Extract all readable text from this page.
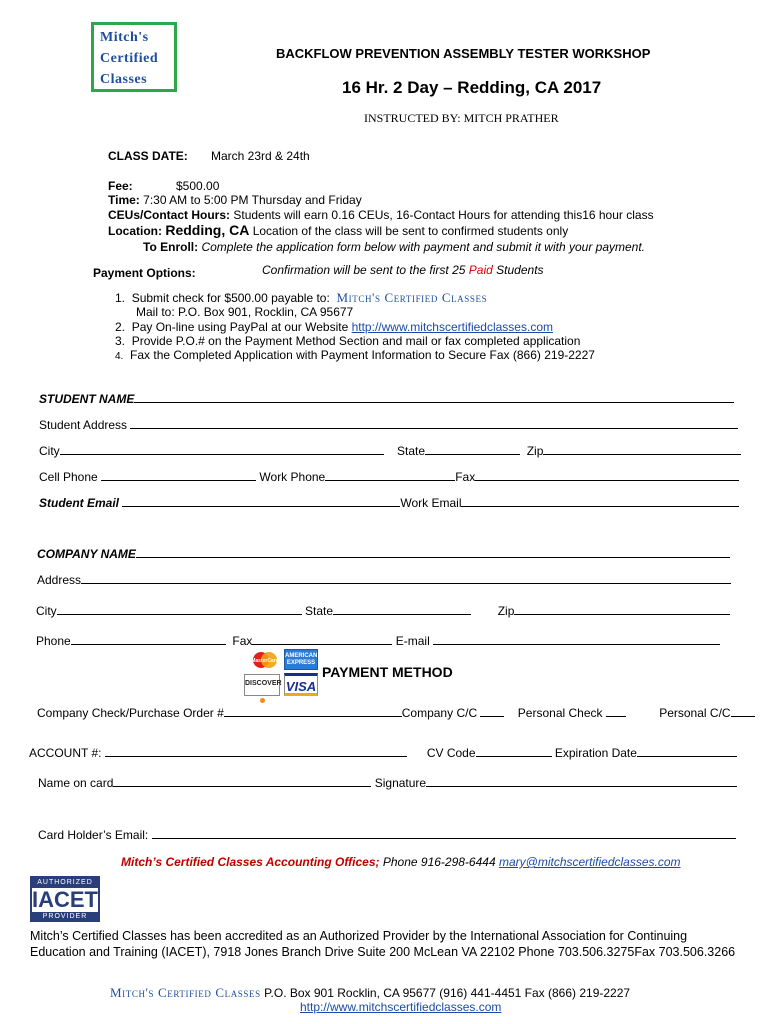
Mitch's
Certified
Classes
BACKFLOW PREVENTION ASSEMBLY TESTER WORKSHOP
16 Hr. 2 Day – Redding, CA 2017
INSTRUCTED BY: MITCH PRATHER
CLASS DATE: March 23rd & 24th
Fee:	$500.00
Time: 7:30 AM to 5:00 PM Thursday and Friday
CEUs/Contact Hours: Students will earn 0.16 CEUs, 16-Contact Hours for attending this16 hour class
Location: Redding, CA Location of the class will be sent to confirmed students only
To Enroll: Complete the application form below with payment and submit it with your payment.
Payment Options:	Confirmation will be sent to the first 25 Paid Students
1. Submit check for $500.00 payable to: Mitch's Certified Classes
Mail to: P.O. Box 901, Rocklin, CA 95677
2. Pay On-line using PayPal at our Website http://www.mitchscertifiedclasses.com
3. Provide P.O.# on the Payment Method Section and mail or fax completed application
4. Fax the Completed Application with Payment Information to Secure Fax (866) 219-2227
STUDENT NAME
Student Address
City	State	Zip
Cell Phone	Work Phone	Fax
Student Email	Work Email
COMPANY NAME
Address
City	State	Zip
Phone	Fax	E-mail
MasterCard
AMERICAN EXPRESS
DISCOVER VISA
PAYMENT METHOD
Company Check/Purchase Order #	Company C/C	Personal Check	Personal C/C
ACCOUNT #:	CV Code	Expiration Date
Name on card	Signature
Card Holder’s Email:
Mitch’s Certified Classes Accounting Offices; Phone 916-298-6444 mary@mitchscertifiedclasses.com
AUTHORIZED
IACET
PROVIDER
Mitch’s Certified Classes has been accredited as an Authorized Provider by the International Association for Continuing
Education and Training (IACET), 7918 Jones Branch Drive Suite 200 McLean VA 22102 Phone 703.506.3275Fax 703.506.3266
Mitch's Certified Classes P.O. Box 901 Rocklin, CA 95677 (916) 441-4451 Fax (866) 219-2227
http://www.mitchscertifiedclasses.com
